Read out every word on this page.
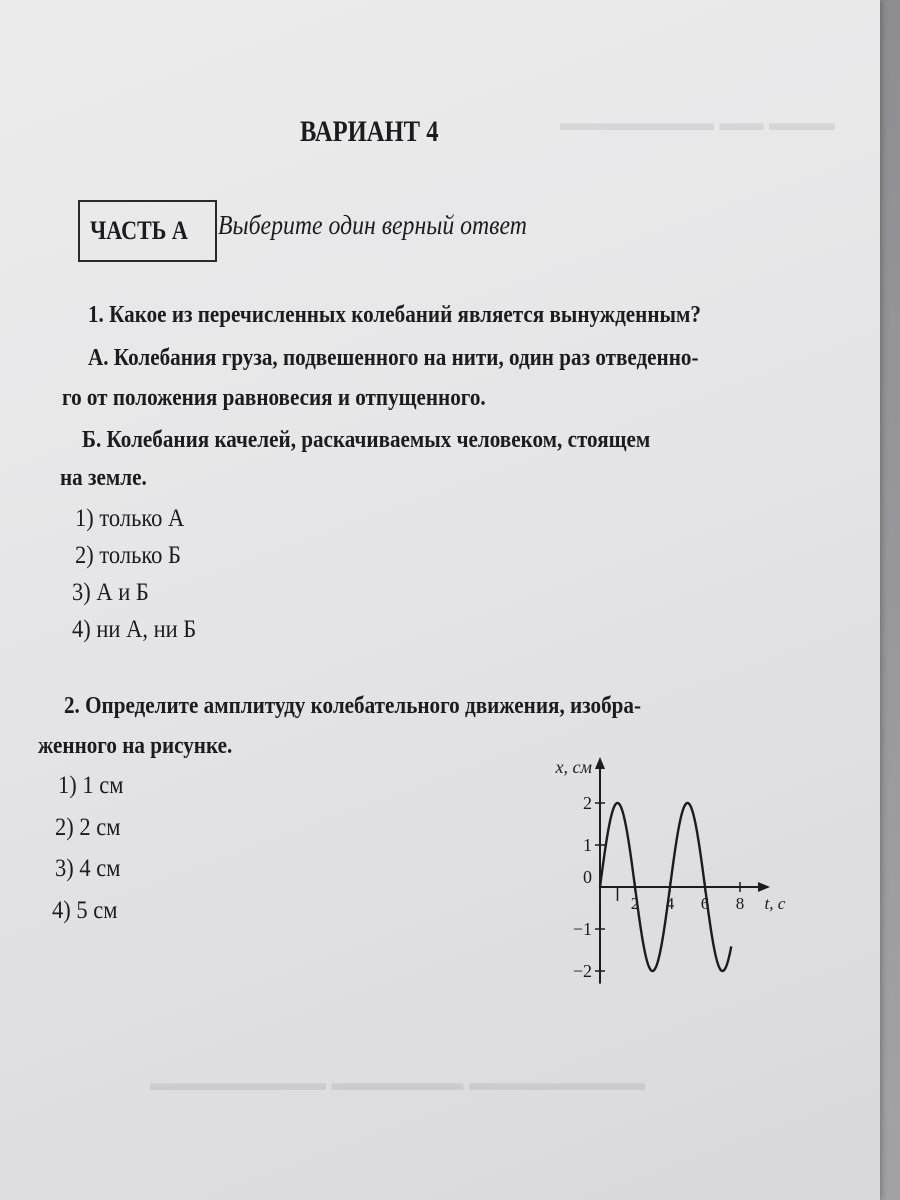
▬▬▬ ▬▬ ▬▬▬▬▬▬▬
▬▬▬▬▬▬▬▬ ▬▬▬▬▬▬ ▬▬▬▬▬▬▬▬
ВАРИАНТ 4
ЧАСТЬ А Выберите один верный ответ
1. Какое из перечисленных колебаний является вынужденным?
А. Колебания груза, подвешенного на нити, один раз отведенно-
го от положения равновесия и отпущенного.
Б. Колебания качелей, раскачиваемых человеком, стоящем
на земле.
1) только А
2) только Б
3) А и Б
4) ни А, ни Б
2. Определите амплитуду колебательного движения, изобра-
женного на рисунке.
1) 1 см
2) 2 см
3) 4 см
4) 5 см
x, см
t, c
2
1
0
−1
−2
2 4 6 8
